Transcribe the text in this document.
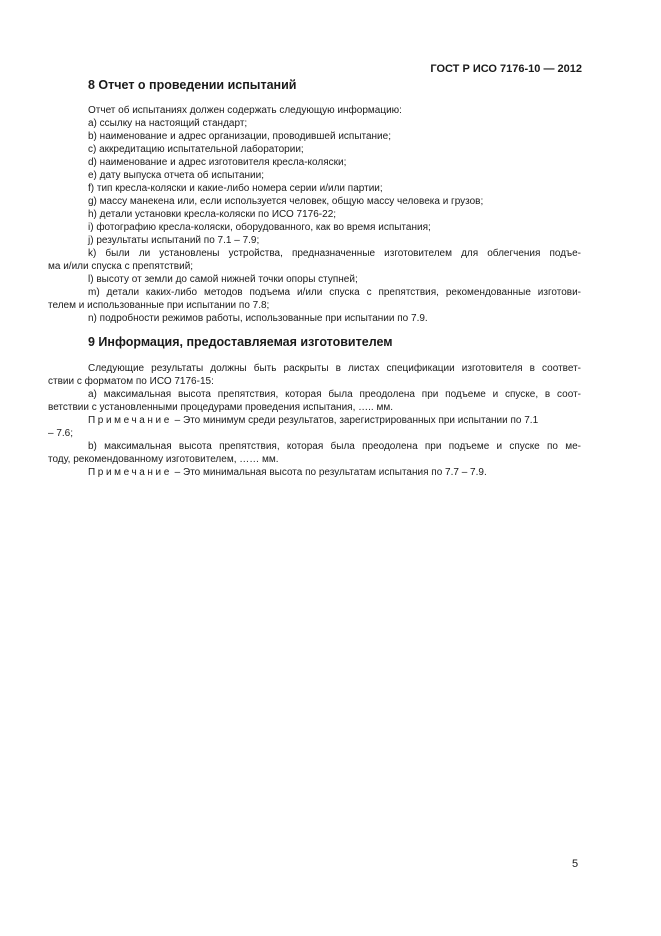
ГОСТ Р ИСО 7176-10 — 2012
8 Отчет о проведении испытаний
Отчет об испытаниях должен содержать следующую информацию:
a) ссылку на настоящий стандарт;
b) наименование и адрес организации, проводившей испытание;
c) аккредитацию испытательной лаборатории;
d) наименование и адрес изготовителя кресла-коляски;
e) дату выпуска отчета об испытании;
f) тип кресла-коляски и какие-либо номера серии и/или партии;
g) массу манекена или, если используется человек, общую массу человека и грузов;
h) детали установки кресла-коляски по ИСО 7176-22;
i) фотографию кресла-коляски, оборудованного, как во время испытания;
j) результаты испытаний по 7.1 – 7.9;
k) были ли установлены устройства, предназначенные изготовителем для облегчения подъе-
ма и/или спуска с препятствий;
l) высоту от земли до самой нижней точки опоры ступней;
m) детали каких-либо методов подъема и/или спуска с препятствия, рекомендованные изготови-
телем и использованные при испытании по 7.8;
n) подробности режимов работы, использованные при испытании по 7.9.
9 Информация, предоставляемая изготовителем
Следующие результаты должны быть раскрыты в листах спецификации изготовителя в соответ-
ствии с форматом по ИСО 7176-15:
a) максимальная высота препятствия, которая была преодолена при подъеме и спуске, в соот-
ветствии с установленными процедурами проведения испытания, ….. мм.
Примечание – Это минимум среди результатов, зарегистрированных при испытании по 7.1
– 7.6;
b) максимальная высота препятствия, которая была преодолена при подъеме и спуске по ме-
тоду, рекомендованному изготовителем, …… мм.
Примечание – Это минимальная высота по результатам испытания по 7.7 – 7.9.
5
